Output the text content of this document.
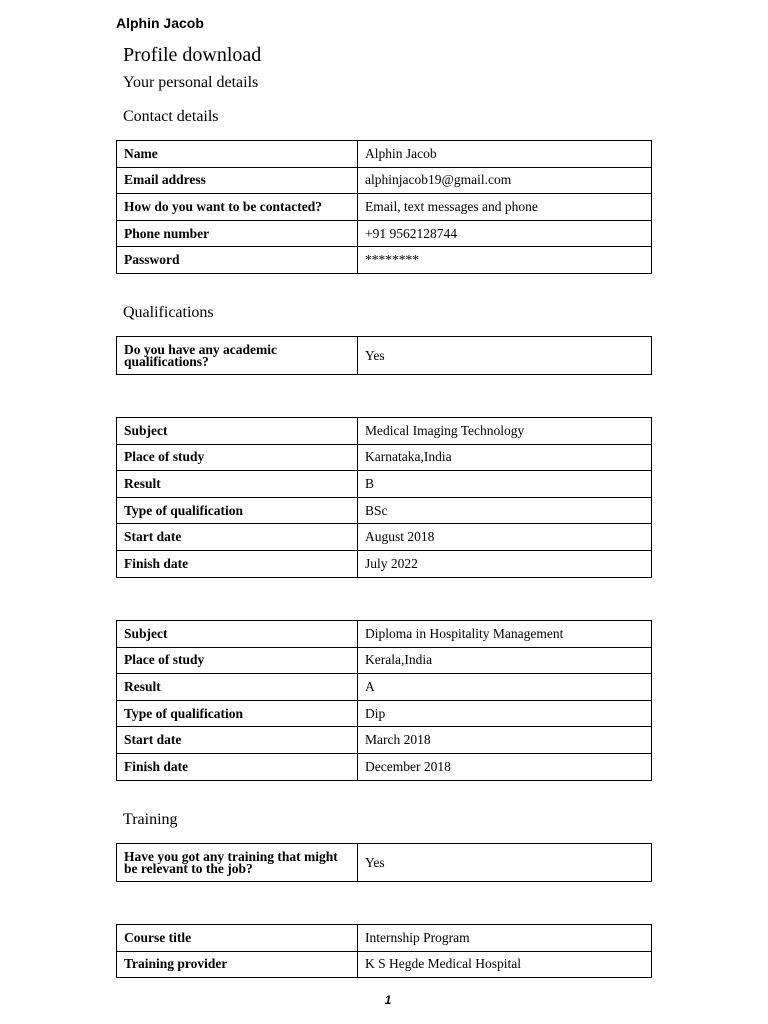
Alphin Jacob
Profile download
Your personal details
Contact details
Name	Alphin Jacob
Email address	alphinjacob19@gmail.com
How do you want to be contacted?	Email, text messages and phone
Phone number	+91 9562128744
Password	********
Qualifications
Do you have any academic qualifications?	Yes
Subject	Medical Imaging Technology
Place of study	Karnataka,India
Result	B
Type of qualification	BSc
Start date	August 2018
Finish date	July 2022
Subject	Diploma in Hospitality Management
Place of study	Kerala,India
Result	A
Type of qualification	Dip
Start date	March 2018
Finish date	December 2018
Training
Have you got any training that might be relevant to the job?	Yes
Course title	Internship Program
Training provider	K S Hegde Medical Hospital
1
